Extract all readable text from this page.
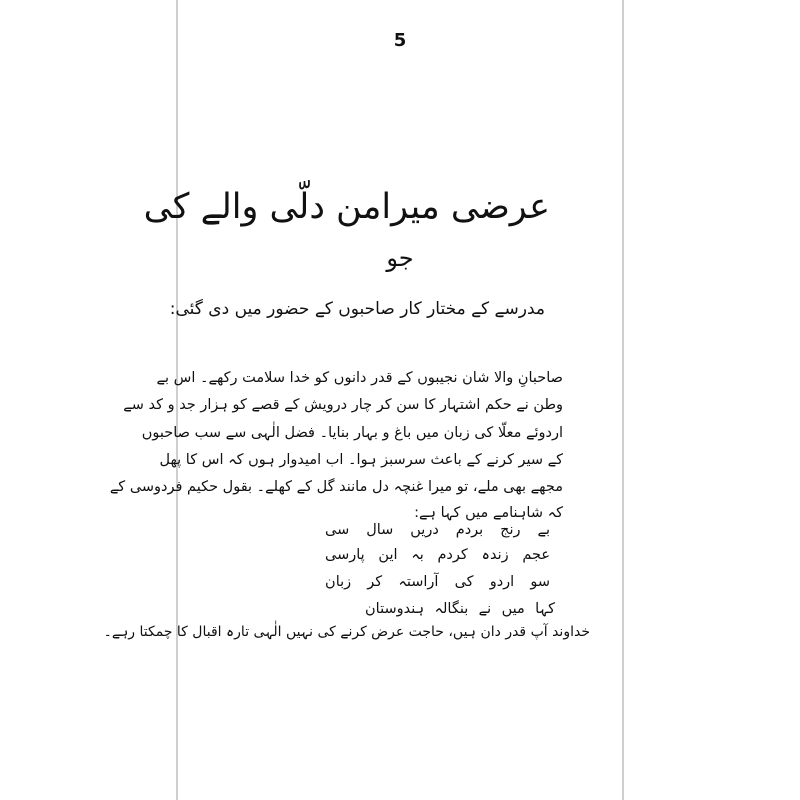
5
عرضی میرامن دلّی والے کی
جو
مدرسے کے مختار کار صاحبوں کے حضور میں دی گئی:
صاحبانِ والا شان نجیبوں کے قدر دانوں کو خدا سلامت رکھے۔ اس بے
وطن نے حکم اشتہار کا سن کر چار درویش کے قصے کو ہزار جد و کد سے
اردوئے معلّا کی زبان میں باغ و بہار بنایا۔ فضل الٰہی سے سب صاحبوں
کے سیر کرنے کے باعث سرسبز ہوا۔ اب امیدوار ہوں کہ اس کا پھل
مجھے بھی ملے، تو میرا غنچہ دل مانند گل کے کھلے۔ بقول حکیم فردوسی کے
کہ شاہنامے میں کہا ہے:
بے
رنج
بردم
دریں
سال
سی
عجم
زندہ
کردم
بہ
این
پارسی
سو
اردو
کی
آراستہ
کر
زبان
کہا
میں
نے
بنگالہ
ہندوستان
خداوند آپ قدر دان ہیں، حاجت عرض کرنے کی نہیں الٰہی تارہ اقبال کا چمکتا رہے۔
